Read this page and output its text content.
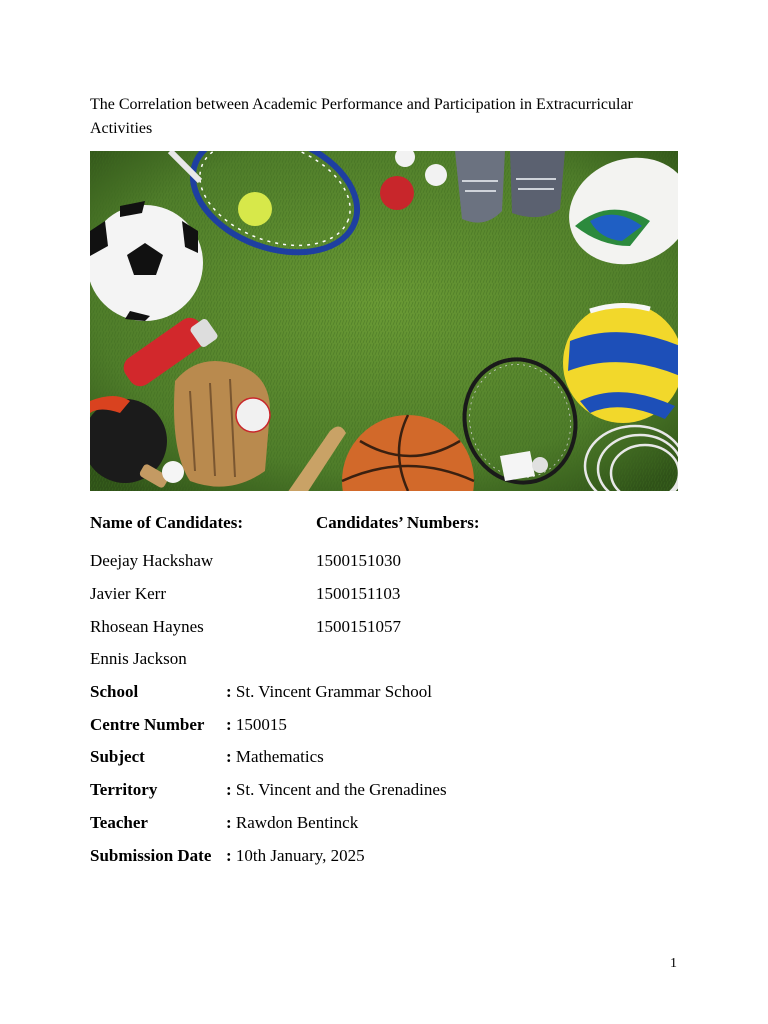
The Correlation between Academic Performance and Participation in Extracurricular Activities
Name of Candidates:	Candidates’ Numbers:
Deejay Hackshaw	1500151030
Javier Kerr	1500151103
Rhosean Haynes	1500151057
Ennis Jackson
School	: St. Vincent Grammar School
Centre Number : 150015
Subject	: Mathematics
Territory	: St. Vincent and the Grenadines
Teacher	: Rawdon Bentinck
Submission Date : 10th January, 2025
1
